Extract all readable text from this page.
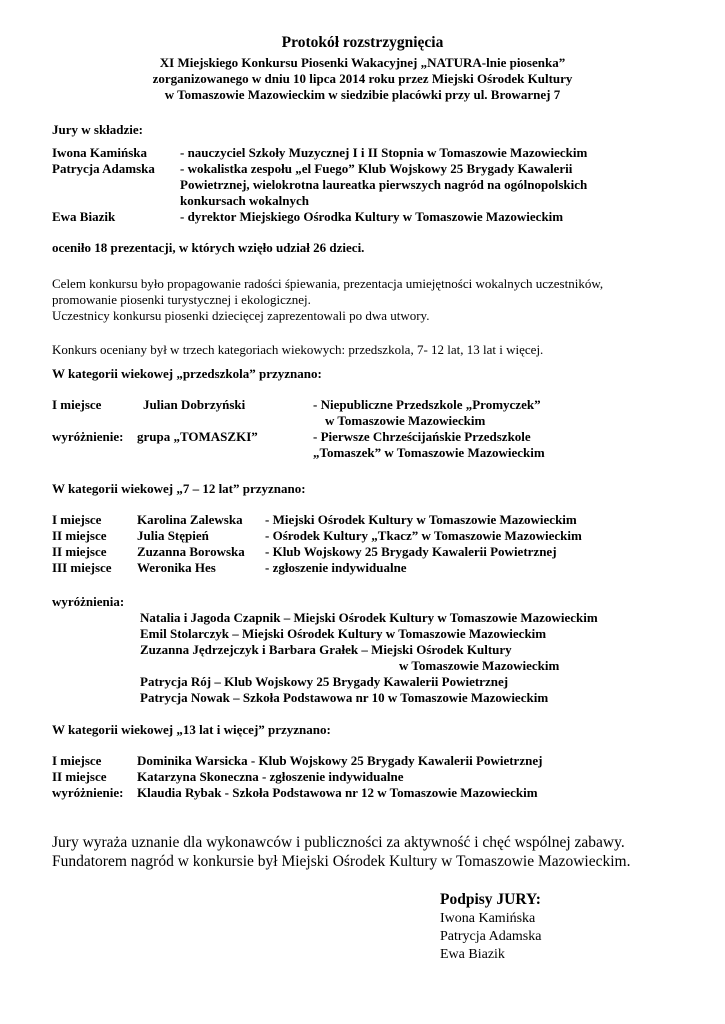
Protokół rozstrzygnięcia
XI Miejskiego Konkursu Piosenki Wakacyjnej „NATURA-lnie piosenka”
zorganizowanego w dniu 10 lipca 2014 roku przez Miejski Ośrodek Kultury
w Tomaszowie Mazowieckim w siedzibie placówki przy ul. Browarnej 7
Jury w składzie:
Iwona Kamińska	- nauczyciel Szkoły Muzycznej I i II Stopnia w Tomaszowie Mazowieckim
Patrycja Adamska - wokalistka zespołu „el Fuego” Klub Wojskowy 25 Brygady Kawalerii
Powietrznej, wielokrotna laureatka pierwszych nagród na ogólnopolskich
konkursach wokalnych
Ewa Biazik	- dyrektor Miejskiego Ośrodka Kultury w Tomaszowie Mazowieckim
oceniło 18 prezentacji, w których wzięło udział 26 dzieci.
Celem konkursu było propagowanie radości śpiewania, prezentacja umiejętności wokalnych uczestników,
promowanie piosenki turystycznej i ekologicznej.
Uczestnicy konkursu piosenki dziecięcej zaprezentowali po dwa utwory.
Konkurs oceniany był w trzech kategoriach wiekowych: przedszkola, 7- 12 lat, 13 lat i więcej.
W kategorii wiekowej „przedszkola” przyznano:
I miejsce	Julian Dobrzyński	- Niepubliczne Przedszkole „Promyczek”
w Tomaszowie Mazowieckim
wyróżnienie: grupa „TOMASZKI”	- Pierwsze Chrześcijańskie Przedszkole
„Tomaszek” w Tomaszowie Mazowieckim
W kategorii wiekowej „7 – 12 lat” przyznano:
I miejsce	Karolina Zalewska - Miejski Ośrodek Kultury w Tomaszowie Mazowieckim
II miejsce Julia Stępień	- Ośrodek Kultury „Tkacz” w Tomaszowie Mazowieckim
II miejsce Zuzanna Borowska - Klub Wojskowy 25 Brygady Kawalerii Powietrznej
III miejsce Weronika Hes	- zgłoszenie indywidualne
wyróżnienia:
Natalia i Jagoda Czapnik – Miejski Ośrodek Kultury w Tomaszowie Mazowieckim
Emil Stolarczyk – Miejski Ośrodek Kultury w Tomaszowie Mazowieckim
Zuzanna Jędrzejczyk i Barbara Grałek – Miejski Ośrodek Kultury
w Tomaszowie Mazowieckim
Patrycja Rój – Klub Wojskowy 25 Brygady Kawalerii Powietrznej
Patrycja Nowak – Szkoła Podstawowa nr 10 w Tomaszowie Mazowieckim
W kategorii wiekowej „13 lat i więcej” przyznano:
I miejsce	Dominika Warsicka - Klub Wojskowy 25 Brygady Kawalerii Powietrznej
II miejsce Katarzyna Skoneczna - zgłoszenie indywidualne
wyróżnienie: Klaudia Rybak - Szkoła Podstawowa nr 12 w Tomaszowie Mazowieckim
Jury wyraża uznanie dla wykonawców i publiczności za aktywność i chęć wspólnej zabawy.
Fundatorem nagród w konkursie był Miejski Ośrodek Kultury w Tomaszowie Mazowieckim.
Podpisy JURY:
Iwona Kamińska
Patrycja Adamska
Ewa Biazik
